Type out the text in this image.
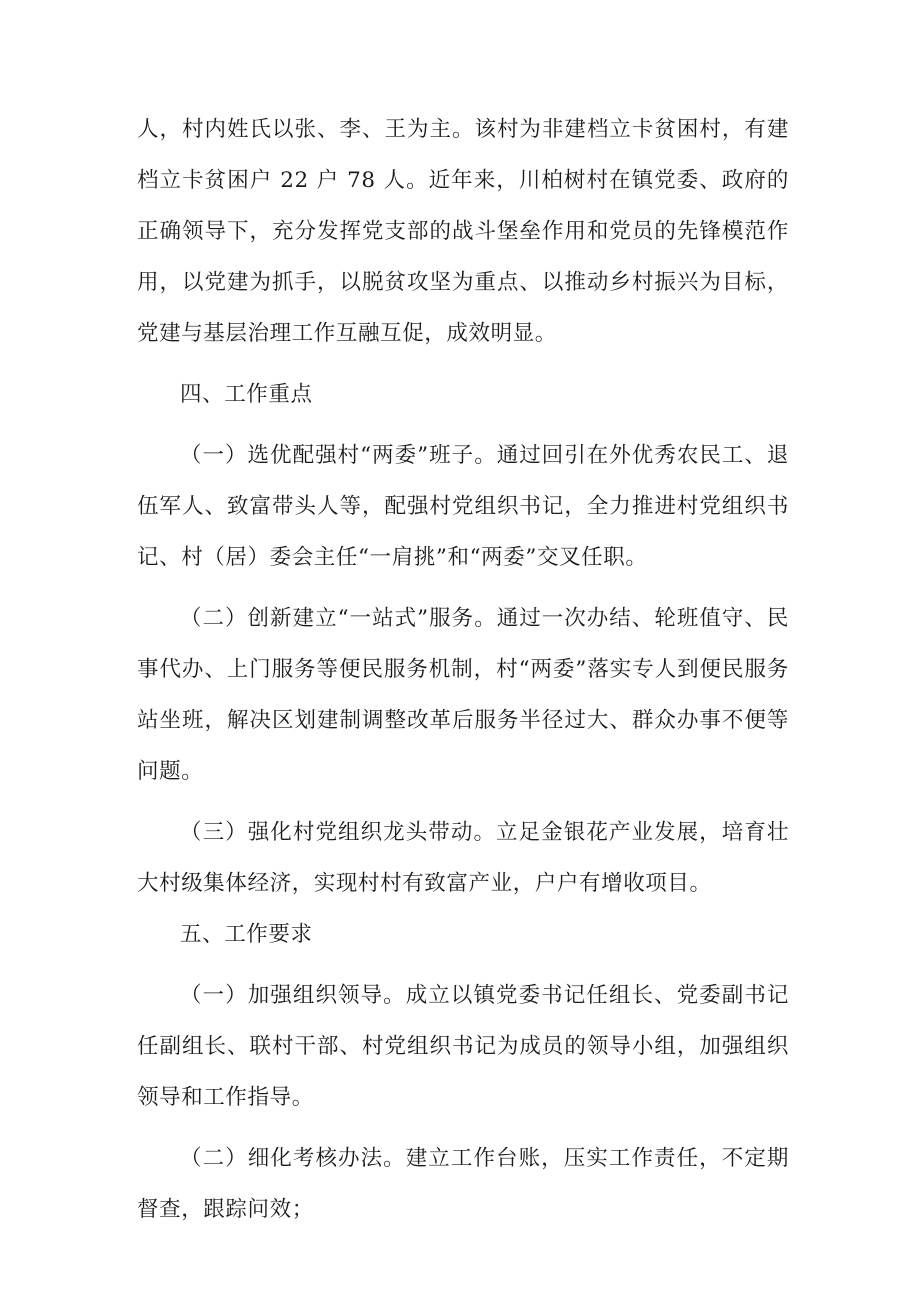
人，村内姓氏以张、李、王为主。该村为非建档立卡贫困村，有建档立卡贫困户 22 户 78 人。近年来，川柏树村在镇党委、政府的正确领导下，充分发挥党支部的战斗堡垒作用和党员的先锋模范作用，以党建为抓手，以脱贫攻坚为重点、以推动乡村振兴为目标，党建与基层治理工作互融互促，成效明显。

四、工作重点

（一）选优配强村“两委”班子。通过回引在外优秀农民工、退伍军人、致富带头人等，配强村党组织书记，全力推进村党组织书记、村（居）委会主任“一肩挑”和“两委”交叉任职。

（二）创新建立“一站式”服务。通过一次办结、轮班值守、民事代办、上门服务等便民服务机制，村“两委”落实专人到便民服务站坐班，解决区划建制调整改革后服务半径过大、群众办事不便等问题。

（三）强化村党组织龙头带动。立足金银花产业发展，培育壮大村级集体经济，实现村村有致富产业，户户有增收项目。

五、工作要求

（一）加强组织领导。成立以镇党委书记任组长、党委副书记任副组长、联村干部、村党组织书记为成员的领导小组，加强组织领导和工作指导。

（二）细化考核办法。建立工作台账，压实工作责任，不定期督查，跟踪问效；
